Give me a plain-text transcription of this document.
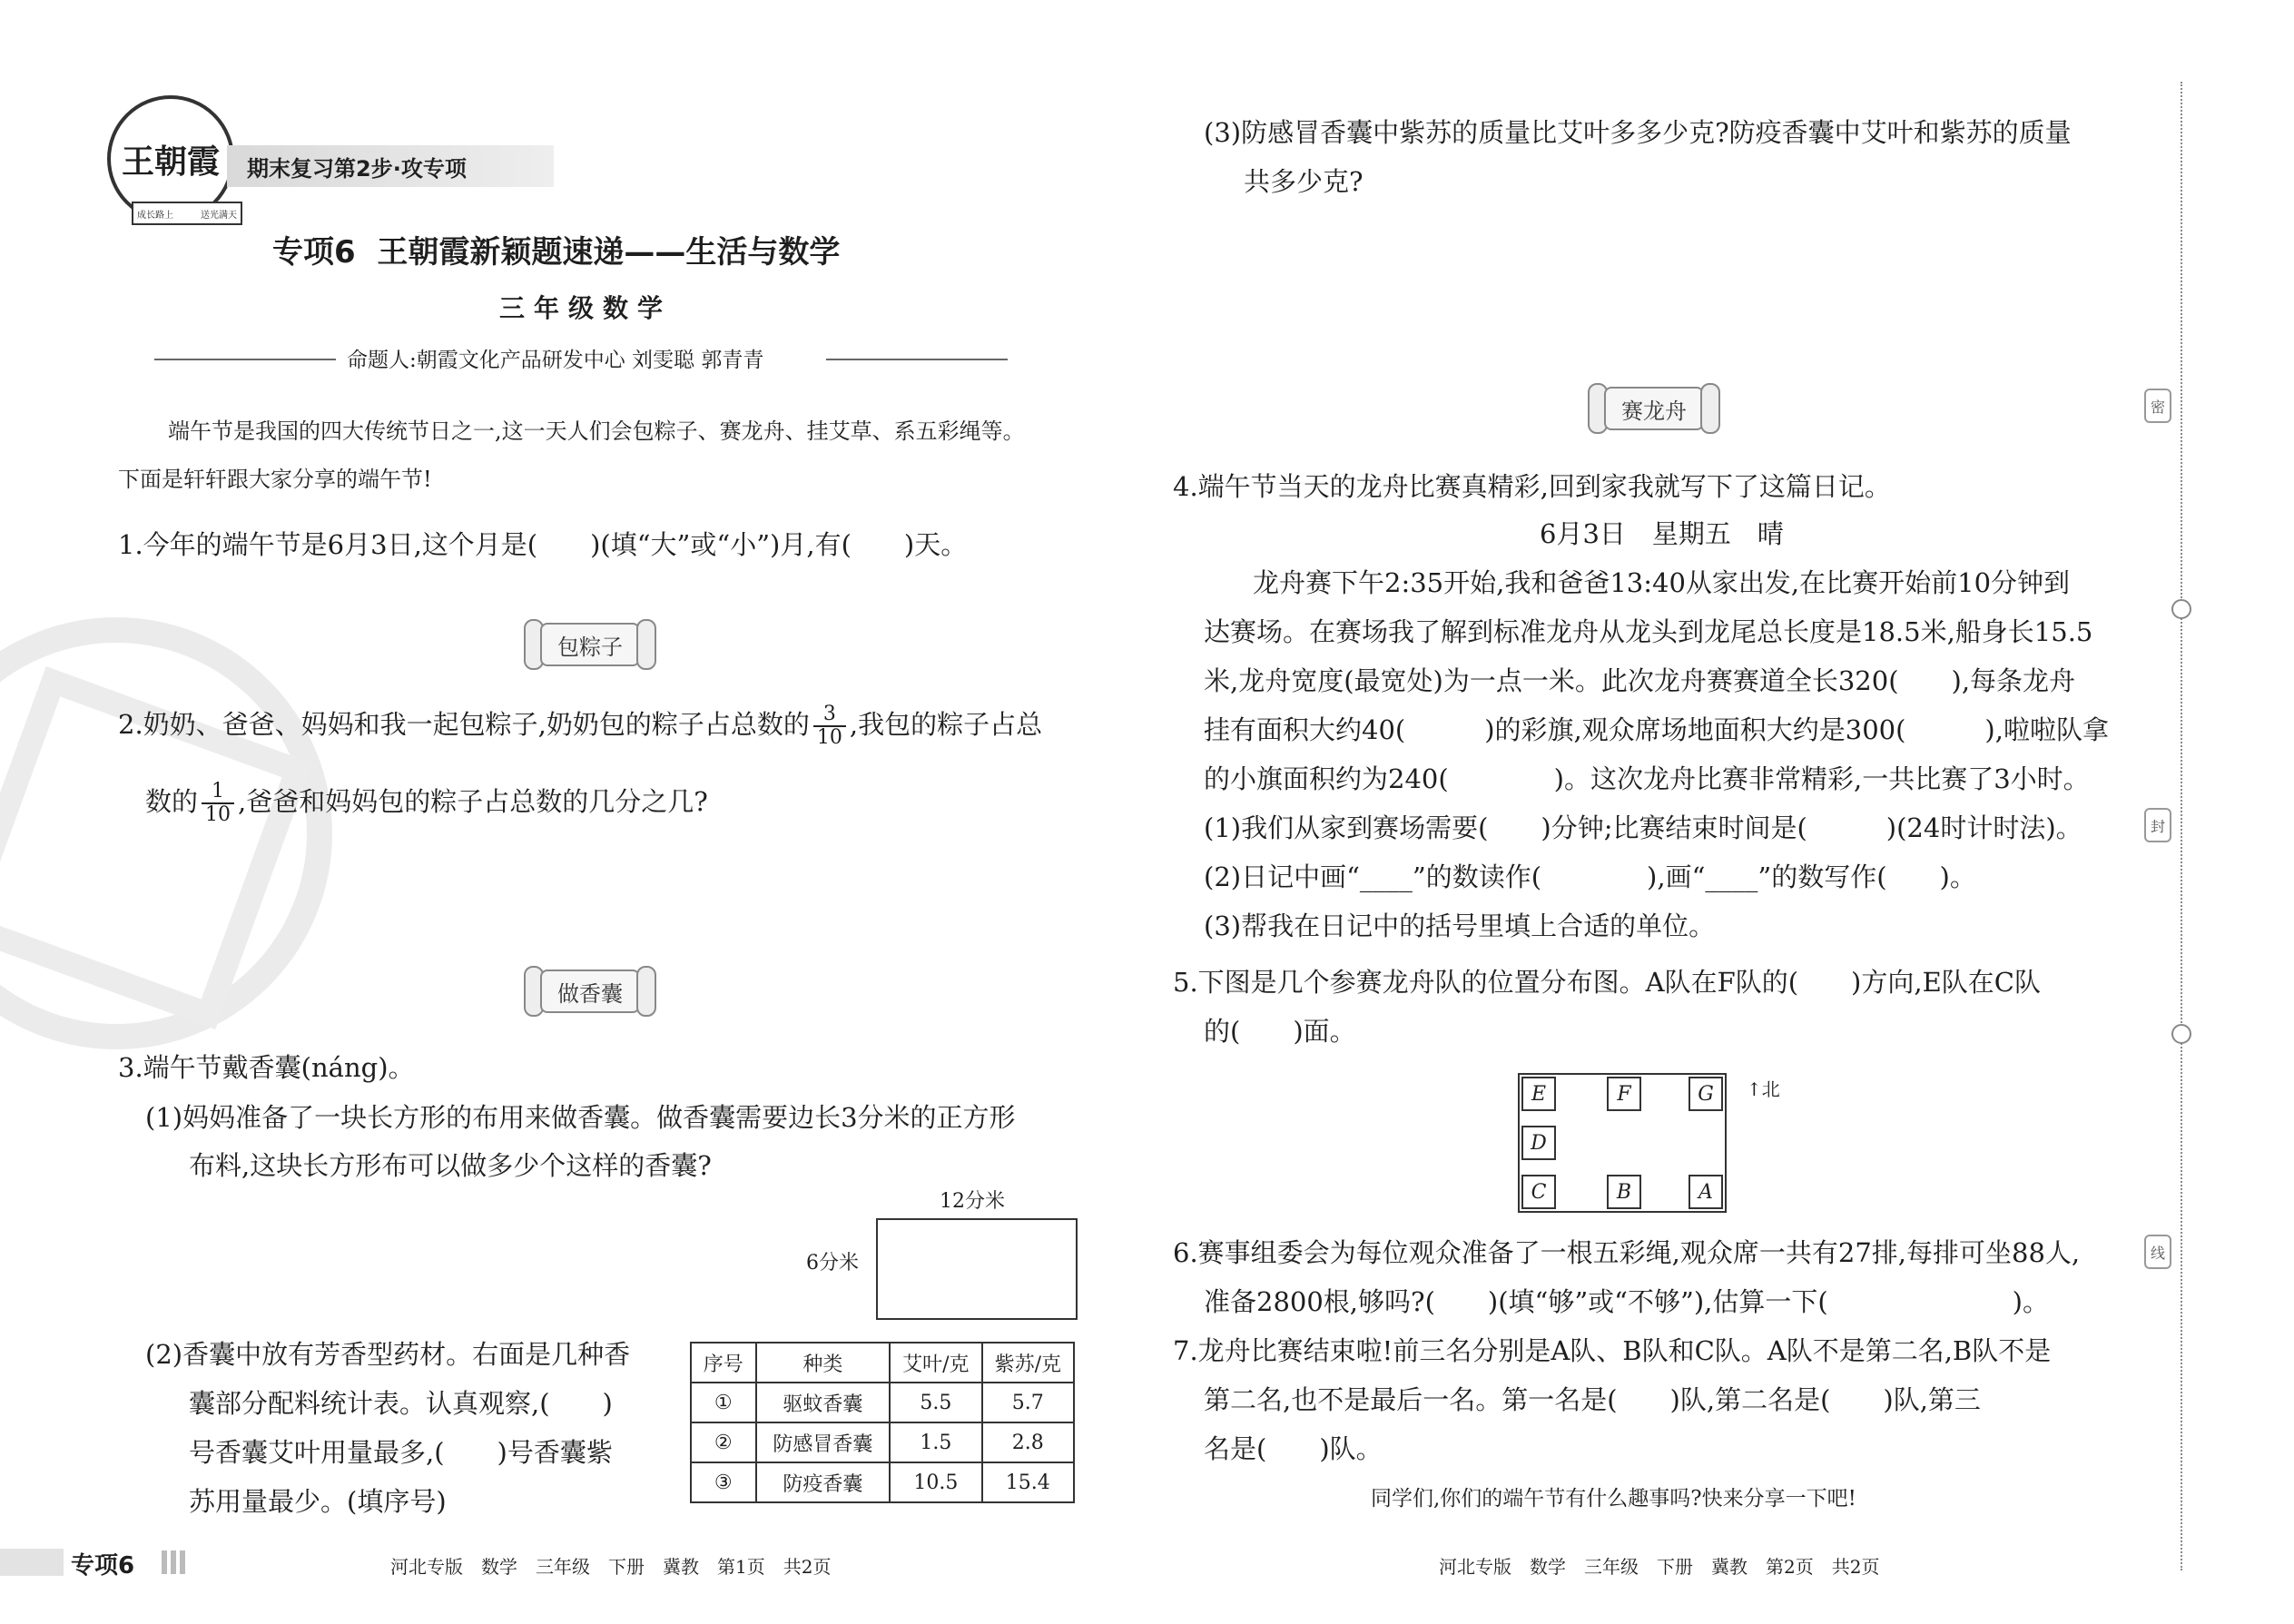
王朝霞
成长路上	送光满天
期末复习第2步·攻专项
专项6  王朝霞新颖题速递——生活与数学
三年级数学
命题人:朝霞文化产品研发中心 刘雯聪 郭青青
端午节是我国的四大传统节日之一,这一天人们会包粽子、赛龙舟、挂艾草、系五彩绳等。
下面是轩轩跟大家分享的端午节!
1.今年的端午节是6月3日,这个月是(　　)(填“大”或“小”)月,有(　　)天。
包粽子
2.奶奶、爸爸、妈妈和我一起包粽子,奶奶包的粽子占总数的 $\frac{3}{10}$ ,我包的粽子占总
数的 $\frac{1}{10}$ ,爸爸和妈妈包的粽子占总数的几分之几?
做香囊
3.端午节戴香囊(náng)。
(1)妈妈准备了一块长方形的布用来做香囊。做香囊需要边长3分米的正方形
布料,这块长方形布可以做多少个这样的香囊?
12分米
6分米
(2)香囊中放有芳香型药材。右面是几种香
囊部分配料统计表。认真观察,(　　)
号香囊艾叶用量最多,(　　)号香囊紫
苏用量最少。(填序号)
序号	种类	艾叶/克	紫苏/克
①	驱蚊香囊	5.5	5.7
②	防感冒香囊	1.5	2.8
③	防疫香囊	10.5	15.4
专项6	河北专版　数学　三年级　下册　冀教　第1页　共2页
(3)防感冒香囊中紫苏的质量比艾叶多多少克?防疫香囊中艾叶和紫苏的质量
共多少克?
赛龙舟
4.端午节当天的龙舟比赛真精彩,回到家我就写下了这篇日记。
6月3日　星期五　晴
龙舟赛下午2:35开始,我和爸爸13:40从家出发,在比赛开始前10分钟到
达赛场。在赛场我了解到标准龙舟从龙头到龙尾总长度是18.5米,船身长15.5
米,龙舟宽度(最宽处)为一点一米。此次龙舟赛赛道全长320(　　),每条龙舟
挂有面积大约40(　　　)的彩旗,观众席场地面积大约是300(　　　),啦啦队拿
的小旗面积约为240(　　　　)。这次龙舟比赛非常精彩,一共比赛了3小时。
(1)我们从家到赛场需要(　　)分钟;比赛结束时间是(　　　)(24时计时法)。
(2)日记中画“____”的数读作(　　　　),画“____”的数写作(　　)。
(3)帮我在日记中的括号里填上合适的单位。
5.下图是几个参赛龙舟队的位置分布图。A队在F队的(　　)方向,E队在C队
的(　　)面。
E	F	G
D
C	B	A
↑北
6.赛事组委会为每位观众准备了一根五彩绳,观众席一共有27排,每排可坐88人,
准备2800根,够吗?(　　)(填“够”或“不够”),估算一下(　　　　　　　)。
7.龙舟比赛结束啦!前三名分别是A队、B队和C队。A队不是第二名,B队不是
第二名,也不是最后一名。第一名是(　　)队,第二名是(　　)队,第三
名是(　　)队。
同学们,你们的端午节有什么趣事吗?快来分享一下吧!
河北专版　数学　三年级　下册　冀教　第2页　共2页
密
封
线
